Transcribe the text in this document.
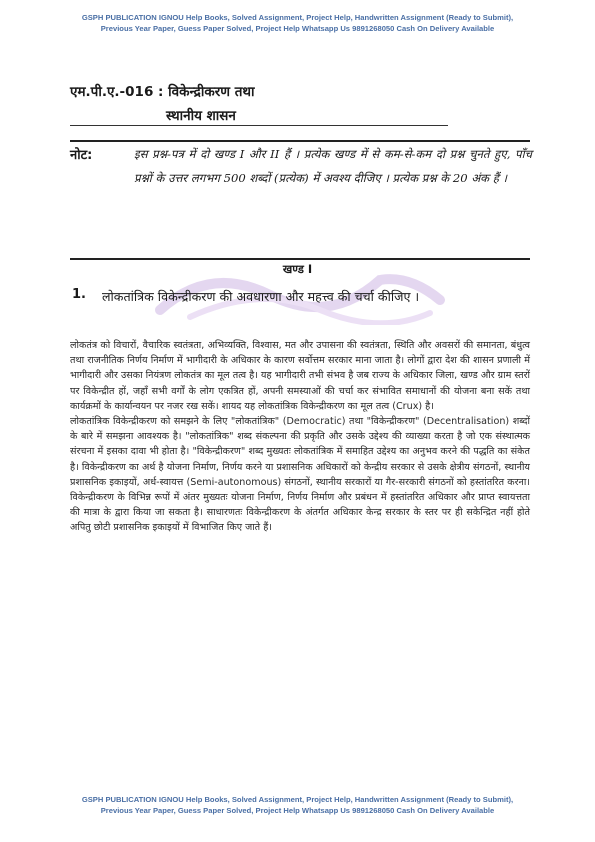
GSPH PUBLICATION IGNOU Help Books, Solved Assignment, Project Help, Handwritten Assignment (Ready to Submit),
Previous Year Paper, Guess Paper Solved, Project Help Whatsapp Us 9891268050 Cash On Delivery Available
एम.पी.ए.-016 : विकेन्द्रीकरण तथा
स्थानीय शासन
नोट:	इस प्रश्न-पत्र में दो खण्ड I और II हैं । प्रत्येक खण्ड में से कम-से-कम दो प्रश्न चुनते हुए, पाँच प्रश्नों के उत्तर लगभग 500 शब्दों (प्रत्येक) में अवश्य दीजिए । प्रत्येक प्रश्न के 20 अंक हैं ।
खण्ड I
1. लोकतांत्रिक विकेन्द्रीकरण की अवधारणा और महत्त्व की चर्चा कीजिए ।

लोकतंत्र को विचारों, वैचारिक स्वतंत्रता, अभिव्यक्ति, विश्वास, मत और उपासना की स्वतंत्रता, स्थिति और अवसरों की समानता, बंधुत्व तथा राजनीतिक निर्णय निर्माण में भागीदारी के अधिकार के कारण सर्वोत्तम सरकार माना जाता है। लोगों द्वारा देश की शासन प्रणाली में भागीदारी और उसका नियंत्रण लोकतंत्र का मूल तत्व है। यह भागीदारी तभी संभव है जब राज्य के अधिकार जिला, खण्ड और ग्राम स्तरों पर विकेन्द्रीत हों, जहाँ सभी वर्गों के लोग एकत्रित हों, अपनी समस्याओं की चर्चा कर संभावित समाधानों की योजना बना सकें तथा कार्यक्रमों के कार्यान्वयन पर नजर रख सकें। शायद यह लोकतांत्रिक विकेन्द्रीकरण का मूल तत्व (Crux) है।

लोकतांत्रिक विकेन्द्रीकरण को समझने के लिए "लोकतांत्रिक" (Democratic) तथा "विकेन्द्रीकरण" (Decentralisation) शब्दों के बारे में समझना आवश्यक है। "लोकतांत्रिक" शब्द संकल्पना की प्रकृति और उसके उद्देश्य की व्याख्या करता है जो एक संस्थात्मक संरचना में इसका दावा भी होता है। "विकेन्द्रीकरण" शब्द मुख्यतः लोकतांत्रिक में समाहित उद्देश्य का अनुभव करने की पद्धति का संकेत है। विकेन्द्रीकरण का अर्थ है योजना निर्माण, निर्णय करने या प्रशासनिक अधिकारों को केन्द्रीय सरकार से उसके क्षेत्रीय संगठनों, स्थानीय प्रशासनिक इकाइयों, अर्ध-स्वायत्त (Semi-autonomous) संगठनों, स्थानीय सरकारों या गैर-सरकारी संगठनों को हस्तांतरित करना। विकेन्द्रीकरण के विभिन्न रूपों में अंतर मुख्यतः योजना निर्माण, निर्णय निर्माण और प्रबंधन में हस्तांतरित अधिकार और प्राप्त स्वायत्तता की मात्रा के द्वारा किया जा सकता है। साधारणतः विकेन्द्रीकरण के अंतर्गत अधिकार केन्द्र सरकार के स्तर पर ही सकेन्द्रित नहीं होते अपितु छोटी प्रशासनिक इकाइयों में विभाजित किए जाते हैं।

GSPH PUBLICATION IGNOU Help Books, Solved Assignment, Project Help, Handwritten Assignment (Ready to Submit),
Previous Year Paper, Guess Paper Solved, Project Help Whatsapp Us 9891268050 Cash On Delivery Available
